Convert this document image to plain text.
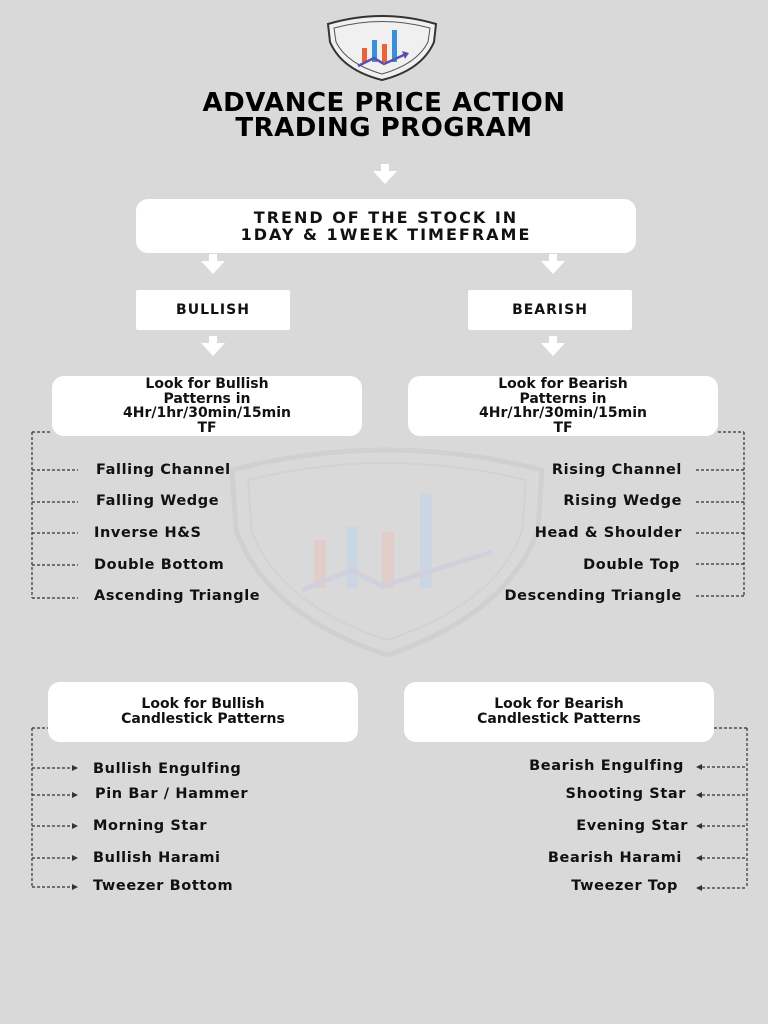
ADVANCE PRICE ACTION
TRADING PROGRAM
TREND OF THE STOCK IN
1DAY & 1WEEK TIMEFRAME
BULLISH	BEARISH
Look for Bullish
Patterns in
4Hr/1hr/30min/15min
TF
Look for Bearish
Patterns in
4Hr/1hr/30min/15min
TF
Falling Channel
Falling Wedge
Inverse H&S
Double Bottom
Ascending Triangle
Rising Channel
Rising Wedge
Head & Shoulder
Double Top
Descending Triangle
Look for Bullish
Candlestick Patterns
Look for Bearish
Candlestick Patterns
Bullish Engulfing
Pin Bar / Hammer
Morning Star
Bullish Harami
Tweezer Bottom
Bearish Engulfing
Shooting Star
Evening Star
Bearish Harami
Tweezer Top
